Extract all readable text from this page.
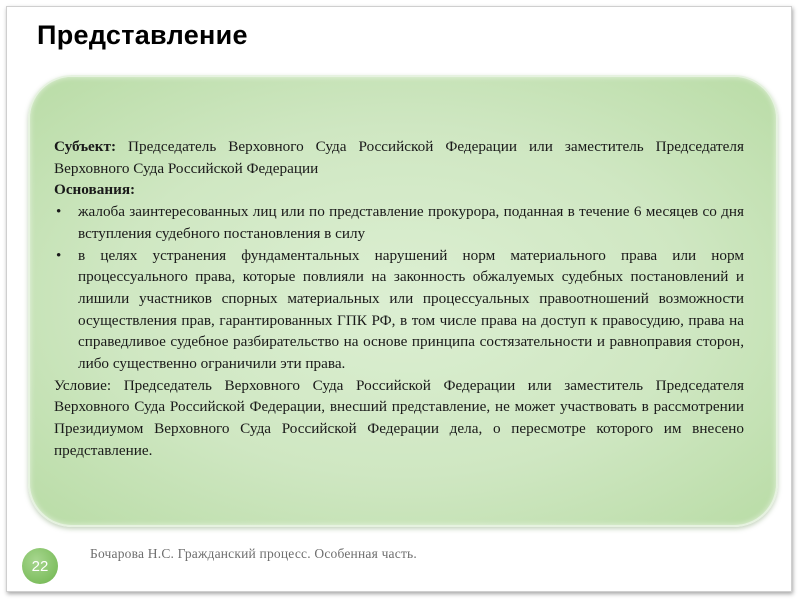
Представление

Субъект: Председатель Верховного Суда Российской Федерации или заместитель Председателя Верховного Суда Российской Федерации

Основания:

• жалоба заинтересованных лиц или по представление прокурора, поданная в течение 6 месяцев со дня вступления судебного постановления в силу
• в целях устранения фундаментальных нарушений норм материального права или норм процессуального права, которые повлияли на законность обжалуемых судебных постановлений и лишили участников спорных материальных или процессуальных правоотношений возможности осуществления прав, гарантированных ГПК РФ, в том числе права на доступ к правосудию, права на справедливое судебное разбирательство на основе принципа состязательности и равноправия сторон, либо существенно ограничили эти права.

Условие: Председатель Верховного Суда Российской Федерации или заместитель Председателя Верховного Суда Российской Федерации, внесший представление, не может участвовать в рассмотрении Президиумом Верховного Суда Российской Федерации дела, о пересмотре которого им внесено представление.

22
Бочарова Н.С. Гражданский процесс. Особенная часть.
